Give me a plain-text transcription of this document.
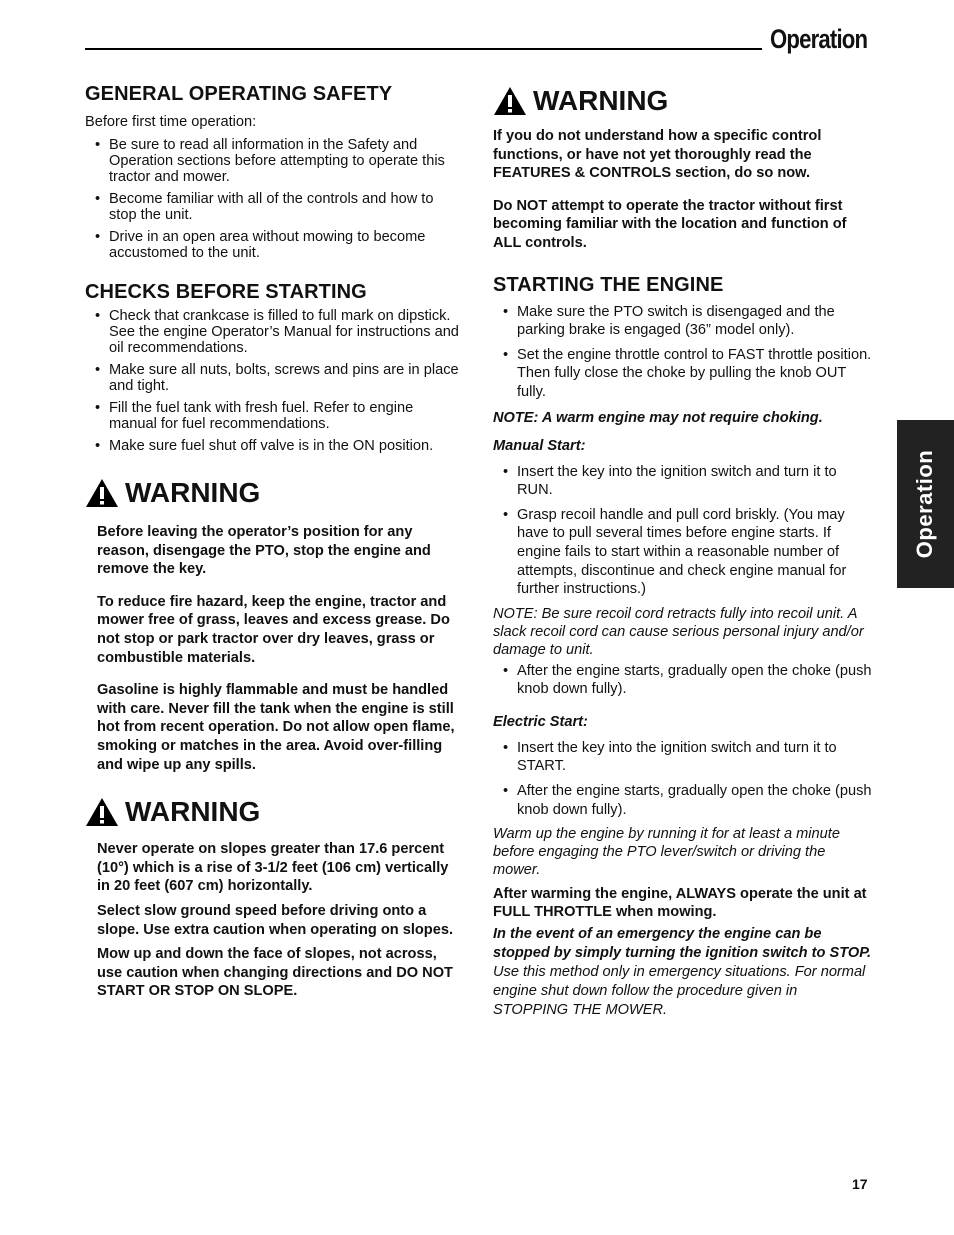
Operation
Operation
GENERAL OPERATING SAFETY

Before first time operation:

• Be sure to read all information in the Safety and Operation sections before attempting to operate this tractor and mower.
• Become familiar with all of the controls and how to stop the unit.
• Drive in an open area without mowing to become accustomed to the unit.
CHECKS BEFORE STARTING
• Check that crankcase is filled to full mark on dipstick. See the engine Operator’s Manual for instructions and oil recommendations.
• Make sure all nuts, bolts, screws and pins are in place and tight.
• Fill the fuel tank with fresh fuel. Refer to engine manual for fuel recommendations.
• Make sure fuel shut off valve is in the ON position.
WARNING

Before leaving the operator’s position for any reason, disengage the PTO, stop the engine and remove the key.

To reduce fire hazard, keep the engine, tractor and mower free of grass, leaves and excess grease. Do not stop or park tractor over dry leaves, grass or combustible materials.

Gasoline is highly flammable and must be handled with care. Never fill the tank when the engine is still hot from recent operation. Do not allow open flame, smoking or matches in the area. Avoid over-filling and wipe up any spills.

WARNING

Never operate on slopes greater than 17.6 percent (10°) which is a rise of 3-1/2 feet (106 cm) vertically in 20 feet (607 cm) horizontally.

Select slow ground speed before driving onto a slope. Use extra caution when operating on slopes.

Mow up and down the face of slopes, not across, use caution when changing directions and DO NOT START OR STOP ON SLOPE.

WARNING

If you do not understand how a specific control functions, or have not yet thoroughly read the FEATURES & CONTROLS section, do so now.

Do NOT attempt to operate the tractor without first becoming familiar with the location and function of ALL controls.

STARTING THE ENGINE
• Make sure the PTO switch is disengaged and the parking brake is engaged (36” model only).
• Set the engine throttle control to FAST throttle position. Then fully close the choke by pulling the knob OUT fully.

NOTE: A warm engine may not require choking.

Manual Start:

• Insert the key into the ignition switch and turn it to RUN.
• Grasp recoil handle and pull cord briskly. (You may have to pull several times before engine starts. If engine fails to start within a reasonable number of attempts, discontinue and check engine manual for further instructions.)

NOTE: Be sure recoil cord retracts fully into recoil unit. A slack recoil cord can cause serious personal injury and/or damage to unit.

• After the engine starts, gradually open the choke (push knob down fully).

Electric Start:

• Insert the key into the ignition switch and turn it to START.
• After the engine starts, gradually open the choke (push knob down fully).

Warm up the engine by running it for at least a minute before engaging the PTO lever/switch or driving the mower.

After warming the engine, ALWAYS operate the unit at FULL THROTTLE when mowing.

In the event of an emergency the engine can be stopped by simply turning the ignition switch to STOP. Use this method only in emergency situations. For normal engine shut down follow the procedure given in STOPPING THE MOWER.

17
